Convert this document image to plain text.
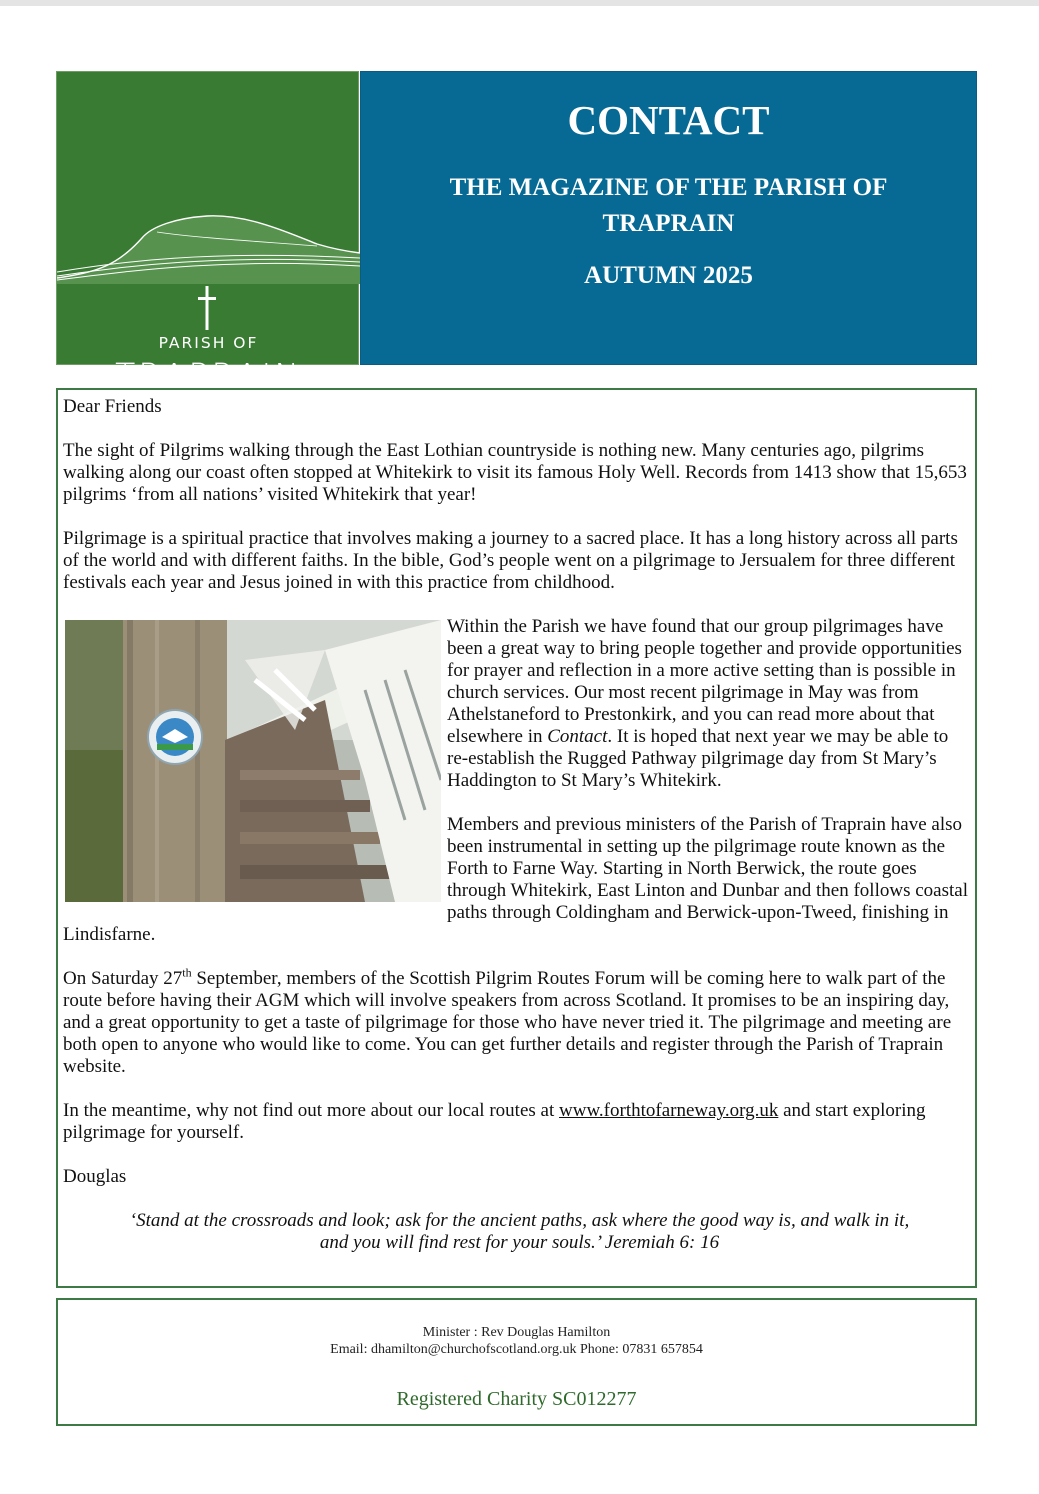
PARISH OF
TRAPRAIN
CONTACT
THE MAGAZINE OF THE PARISH OF TRAPRAIN
AUTUMN 2025

Dear Friends

The sight of Pilgrims walking through the East Lothian countryside is nothing new. Many centuries ago, pilgrims walking along our coast often stopped at Whitekirk to visit its famous Holy Well. Records from 1413 show that 15,653 pilgrims ‘from all nations’ visited Whitekirk that year!

Pilgrimage is a spiritual practice that involves making a journey to a sacred place. It has a long history across all parts of the world and with different faiths. In the bible, God’s people went on a pilgrimage to Jersualem for three different festivals each year and Jesus joined in with this practice from childhood.

Within the Parish we have found that our group pilgrimages have been a great way to bring people together and provide opportunities for prayer and reflection in a more active setting than is possible in church services. Our most recent pilgrimage in May was from Athelstaneford to Prestonkirk, and you can read more about that elsewhere in Contact. It is hoped that next year we may be able to re-establish the Rugged Pathway pilgrimage day from St Mary’s Haddington to St Mary’s Whitekirk.

Members and previous ministers of the Parish of Traprain have also been instrumental in setting up the pilgrimage route known as the Forth to Farne Way. Starting in North Berwick, the route goes through Whitekirk, East Linton and Dunbar and then follows coastal paths through Coldingham and Berwick-upon-Tweed, finishing in Lindisfarne.

On Saturday 27th September, members of the Scottish Pilgrim Routes Forum will be coming here to walk part of the route before having their AGM which will involve speakers from across Scotland. It promises to be an inspiring day, and a great opportunity to get a taste of pilgrimage for those who have never tried it. The pilgrimage and meeting are both open to anyone who would like to come. You can get further details and register through the Parish of Traprain website.

In the meantime, why not find out more about our local routes at www.forthtofarneway.org.uk and start exploring pilgrimage for yourself.

Douglas

‘Stand at the crossroads and look; ask for the ancient paths, ask where the good way is, and walk in it,
and you will find rest for your souls.’ Jeremiah 6: 16

Minister : Rev Douglas Hamilton
Email: dhamilton@churchofscotland.org.uk Phone: 07831 657854
Registered Charity SC012277
